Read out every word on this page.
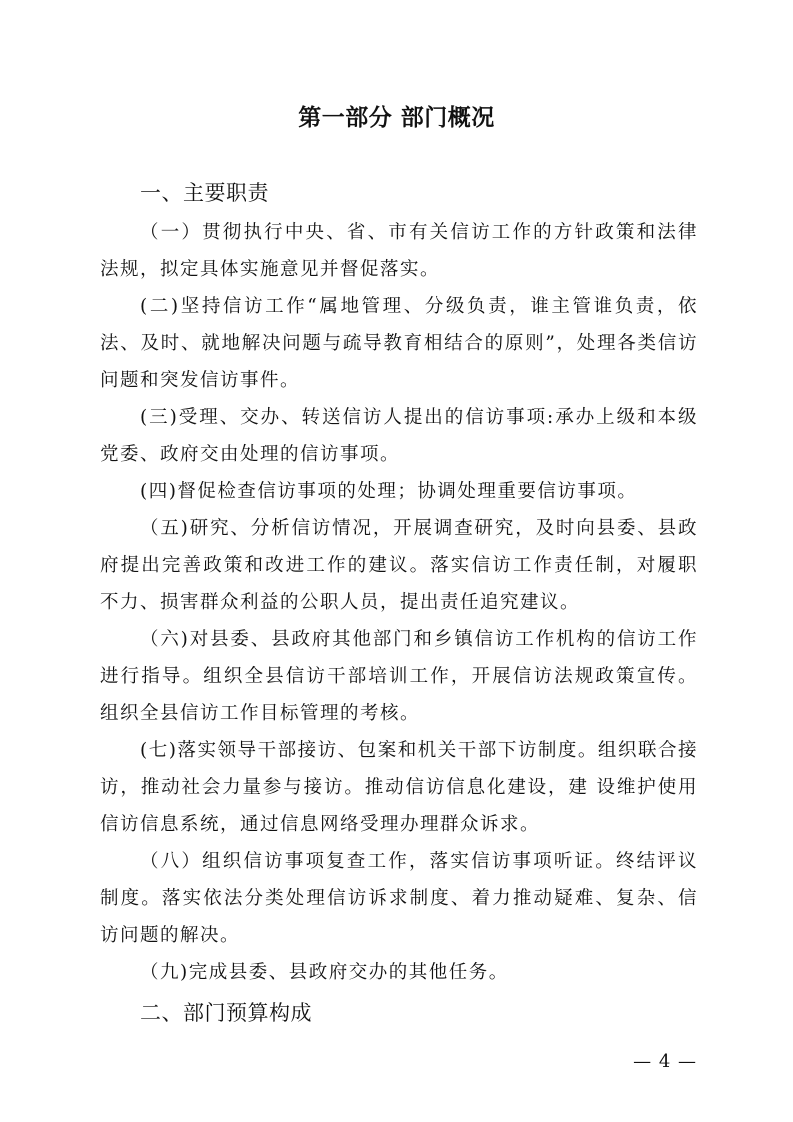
第一部分 部门概况
一、主要职责

（一）贯彻执行中央、省、市有关信访工作的方针政策和法律法规，拟定具体实施意见并督促落实。

(二)坚持信访工作“属地管理、分级负责，谁主管谁负责，依法、及时、就地解决问题与疏导教育相结合的原则”，处理各类信访问题和突发信访事件。

(三)受理、交办、转送信访人提出的信访事项:承办上级和本级党委、政府交由处理的信访事项。

(四)督促检查信访事项的处理；协调处理重要信访事项。

（五)研究、分析信访情况，开展调查研究，及时向县委、县政府提出完善政策和改进工作的建议。落实信访工作责任制，对履职不力、损害群众利益的公职人员，提出责任追究建议。

（六)对县委、县政府其他部门和乡镇信访工作机构的信访工作进行指导。组织全县信访干部培训工作，开展信访法规政策宣传。组织全县信访工作目标管理的考核。

(七)落实领导干部接访、包案和机关干部下访制度。组织联合接访，推动社会力量参与接访。推动信访信息化建设，建 设维护使用信访信息系统，通过信息网络受理办理群众诉求。

（八）组织信访事项复查工作，落实信访事项听证。终结评议制度。落实依法分类处理信访诉求制度、着力推动疑难、复杂、信访问题的解决。

（九)完成县委、县政府交办的其他任务。

二、部门预算构成
— 4 —
